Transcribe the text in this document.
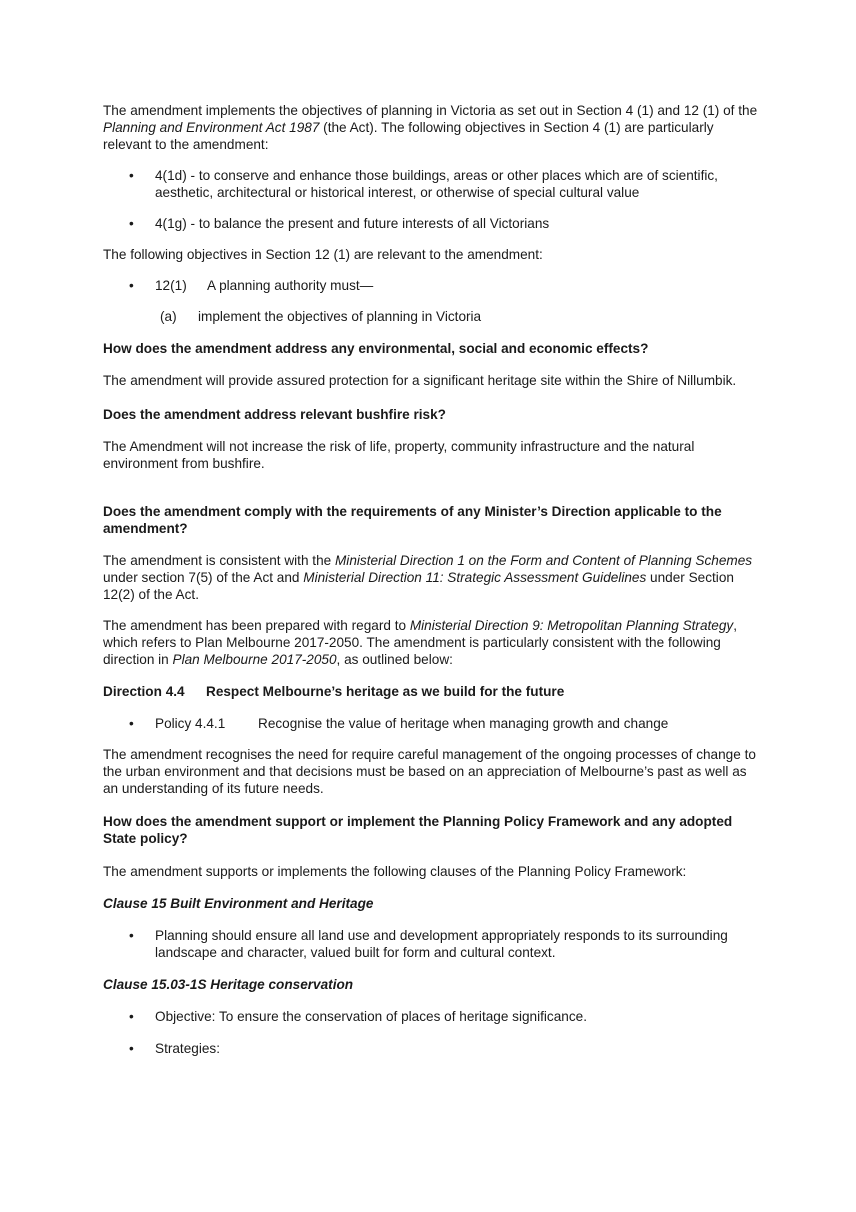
The amendment implements the objectives of planning in Victoria as set out in Section 4 (1) and 12 (1) of the Planning and Environment Act 1987 (the Act). The following objectives in Section 4 (1) are particularly relevant to the amendment:

• 4(1d) - to conserve and enhance those buildings, areas or other places which are of scientific, aesthetic, architectural or historical interest, or otherwise of special cultural value
• 4(1g) - to balance the present and future interests of all Victorians

The following objectives in Section 12 (1) are relevant to the amendment:

• 12(1) A planning authority must—
(a) implement the objectives of planning in Victoria

How does the amendment address any environmental, social and economic effects?

The amendment will provide assured protection for a significant heritage site within the Shire of Nillumbik.

Does the amendment address relevant bushfire risk?

The Amendment will not increase the risk of life, property, community infrastructure and the natural environment from bushfire.

Does the amendment comply with the requirements of any Minister’s Direction applicable to the amendment?

The amendment is consistent with the Ministerial Direction 1 on the Form and Content of Planning Schemes under section 7(5) of the Act and Ministerial Direction 11: Strategic Assessment Guidelines under Section 12(2) of the Act.

The amendment has been prepared with regard to Ministerial Direction 9: Metropolitan Planning Strategy, which refers to Plan Melbourne 2017-2050. The amendment is particularly consistent with the following direction in Plan Melbourne 2017-2050, as outlined below:

Direction 4.4 Respect Melbourne’s heritage as we build for the future

• Policy 4.4.1 Recognise the value of heritage when managing growth and change

The amendment recognises the need for require careful management of the ongoing processes of change to the urban environment and that decisions must be based on an appreciation of Melbourne’s past as well as an understanding of its future needs.

How does the amendment support or implement the Planning Policy Framework and any adopted State policy?

The amendment supports or implements the following clauses of the Planning Policy Framework:

Clause 15 Built Environment and Heritage

• Planning should ensure all land use and development appropriately responds to its surrounding landscape and character, valued built for form and cultural context.

Clause 15.03-1S Heritage conservation

• Objective: To ensure the conservation of places of heritage significance.
• Strategies:
